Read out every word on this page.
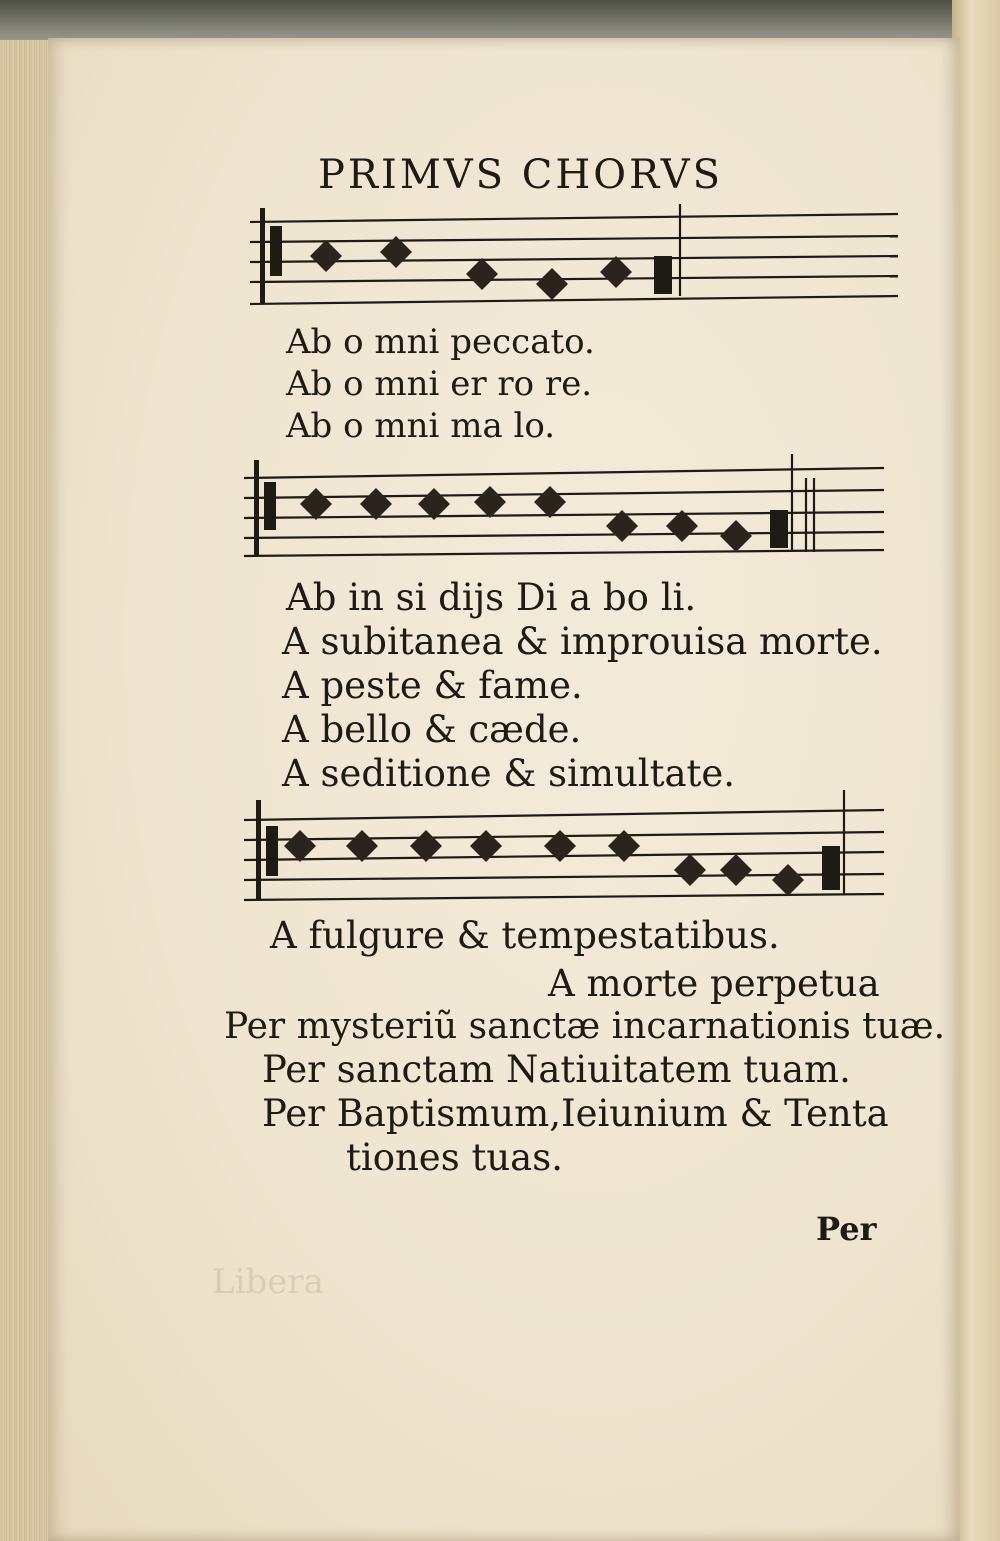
PRIMVS CHORVS
Ab o mni peccato.
Ab o mni er ro re.
Ab o mni ma lo.
Ab in si dijs Di a bo li.
A subitanea & improuisa morte.
A peste & fame.
A bello & cæde.
A seditione & simultate.
A fulgure & tempestatibus.
A morte perpetua
Per mysteriũ sanctæ incarnationis tuæ.
Per sanctam Natiuitatem tuam.
Per Baptismum,Ieiunium & Tenta
tiones tuas.
Per
Libera
